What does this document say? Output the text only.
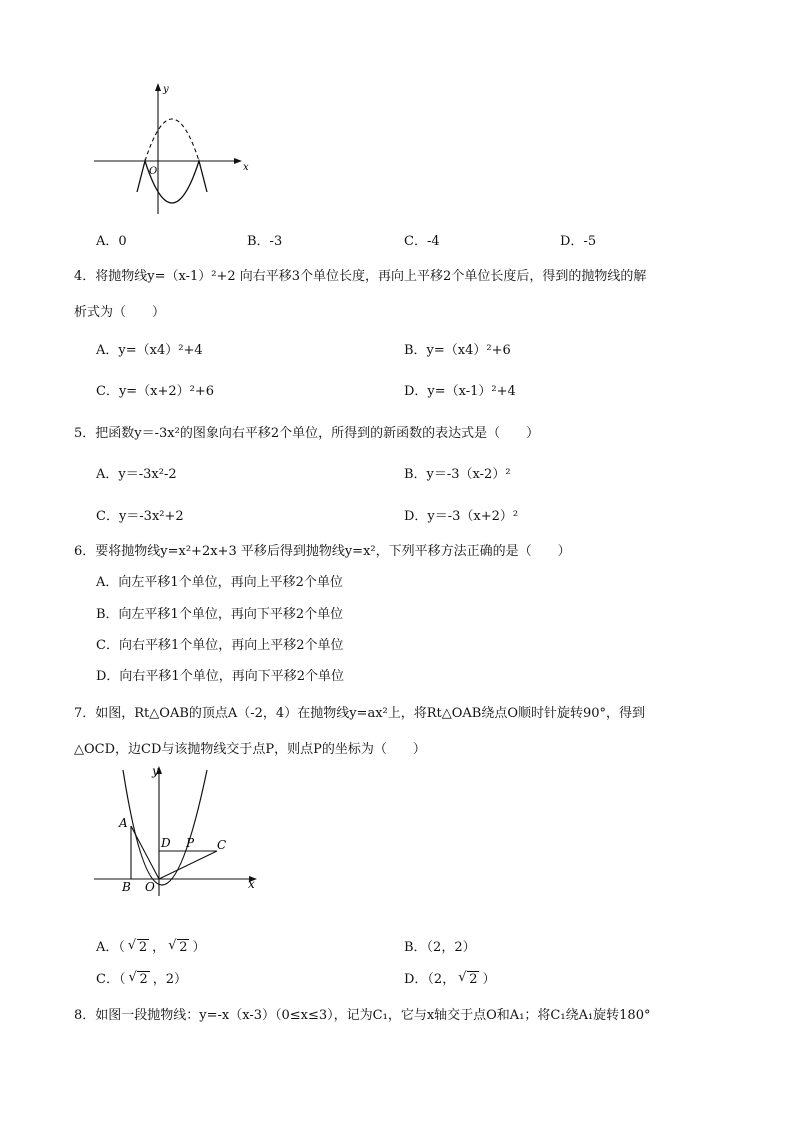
y
x
O
A．0	B．-3	C．-4	D．-5
4．将抛物线y=（x-1）²+2 向右平移3个单位长度，再向上平移2个单位长度后，得到的抛物线的解
析式为（　　）
A．y=（x4）²+4	B．y=（x4）²+6
C．y=（x+2）²+6	D．y=（x-1）²+4
5．把函数y＝-3x²的图象向右平移2个单位，所得到的新函数的表达式是（　　）
A．y＝-3x²-2	B．y＝-3（x-2）²
C．y＝-3x²+2	D．y＝-3（x+2）²
6．要将抛物线y=x²+2x+3 平移后得到抛物线y=x²，下列平移方法正确的是（　　）
A．向左平移1个单位，再向上平移2个单位
B．向左平移1个单位，再向下平移2个单位
C．向右平移1个单位，再向上平移2个单位
D．向右平移1个单位，再向下平移2个单位
7．如图，Rt△OAB的顶点A（-2，4）在抛物线y=ax²上，将Rt△OAB绕点O顺时针旋转90°，得到
△OCD，边CD与该抛物线交于点P，则点P的坐标为（　　）
y
x
A
B O
D P C
A．（ √ 2 ， √ 2 ）	B．（2，2）
C．（ √ 2 ，2）	D．（2， √ 2 ）
8．如图一段抛物线：y=-x（x-3）（0≤x≤3），记为C₁，它与x轴交于点O和A₁；将C₁绕A₁旋转180°
